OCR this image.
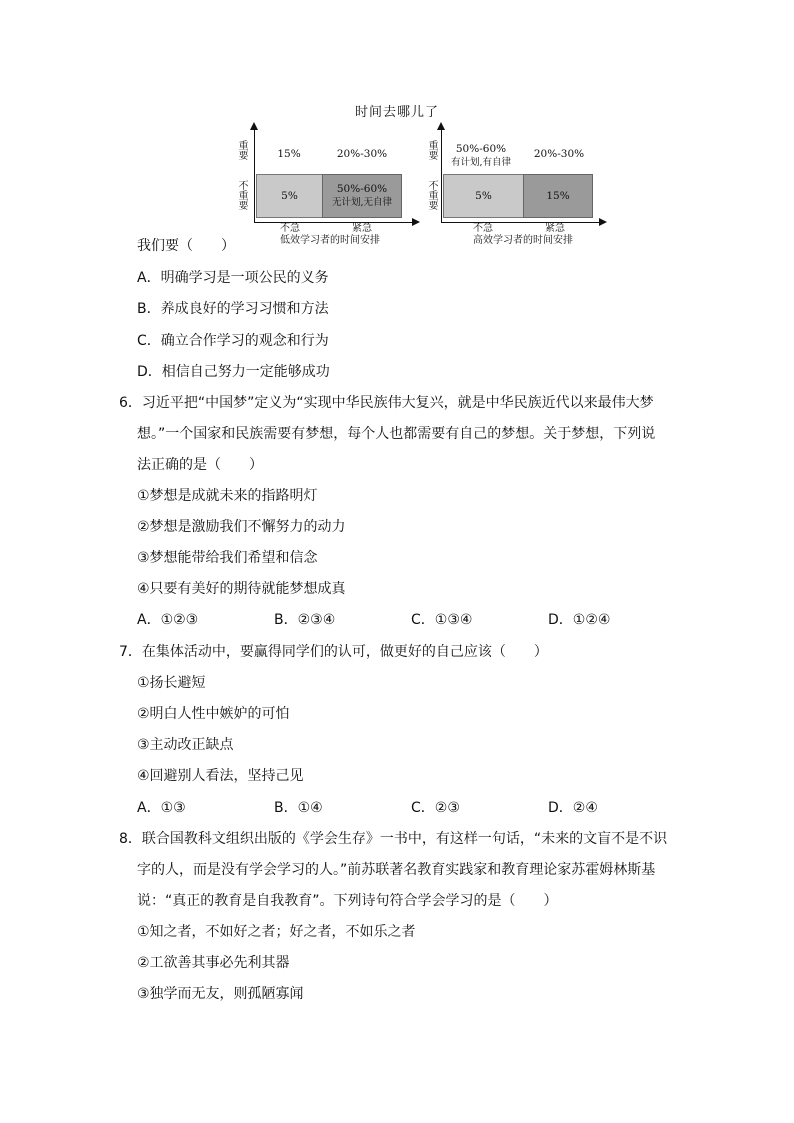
时间去哪儿了
重要
不重要
15%	20%-30%
5%
50%-60%
无计划,无自律
不急	紧急
低效学习者的时间安排
重要
不重要
50%-60%
有计划,有自律
20%-30%
5%	15%
不急	紧急
高效学习者的时间安排
我们要（　　）
A．明确学习是一项公民的义务
B．养成良好的学习习惯和方法
C．确立合作学习的观念和行为
D．相信自己努力一定能够成功
6．习近平把“中国梦”定义为“实现中华民族伟大复兴，就是中华民族近代以来最伟大梦
想。”一个国家和民族需要有梦想，每个人也都需要有自己的梦想。关于梦想，下列说
法正确的是（　　）
①梦想是成就未来的指路明灯
②梦想是激励我们不懈努力的动力
③梦想能带给我们希望和信念
④只要有美好的期待就能梦想成真
A．①②③	B．②③④	C．①③④	D．①②④
7．在集体活动中，要赢得同学们的认可，做更好的自己应该（　　）
①扬长避短
②明白人性中嫉妒的可怕
③主动改正缺点
④回避别人看法，坚持己见
A．①③	B．①④	C．②③	D．②④
8．联合国教科文组织出版的《学会生存》一书中，有这样一句话，“未来的文盲不是不识
字的人，而是没有学会学习的人。”前苏联著名教育实践家和教育理论家苏霍姆林斯基
说：“真正的教育是自我教育”。下列诗句符合学会学习的是（　　）
①知之者，不如好之者；好之者，不如乐之者
②工欲善其事必先利其器
③独学而无友，则孤陋寡闻
